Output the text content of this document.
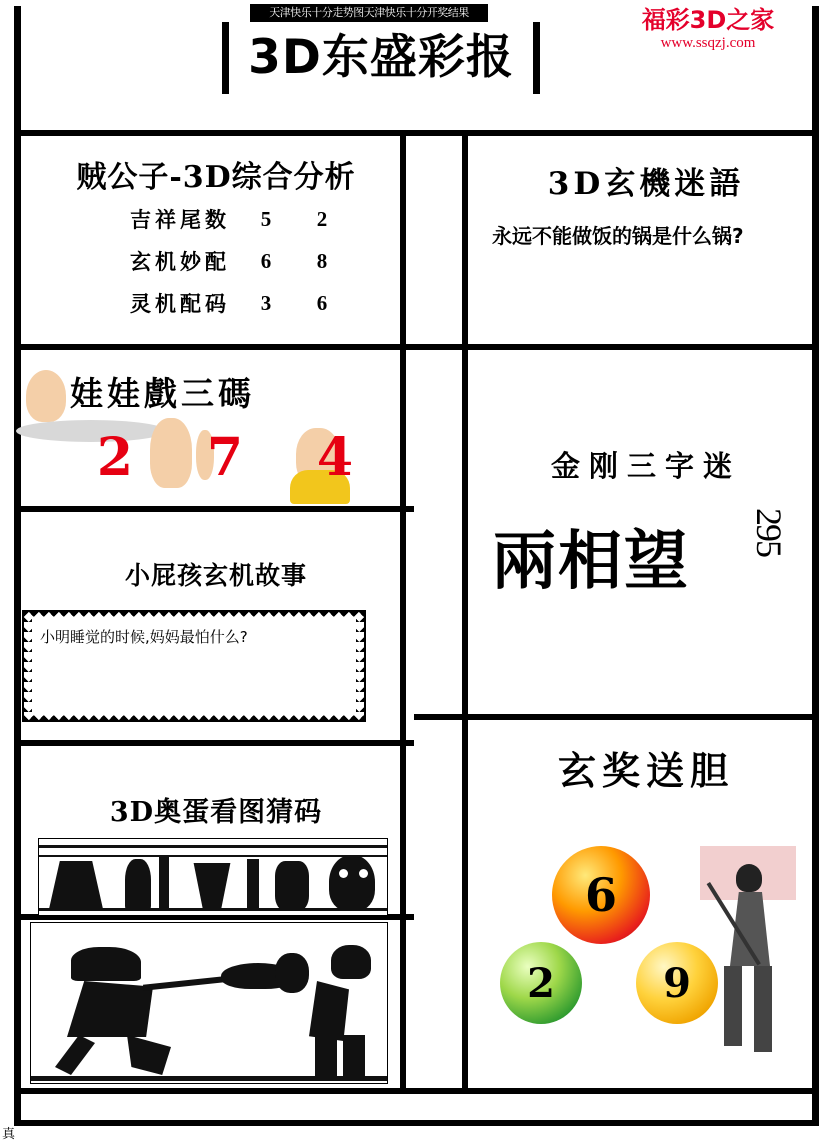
天津快乐十分走势图天津快乐十分开奖结果
3D东盛彩报
福彩3D之家
www.ssqzj.com
贼公子-3D综合分析
吉祥尾数	5	2
玄机妙配	6	8
灵机配码	3	6
娃娃戲三碼
2 7 4
小屁孩玄机故事
小明睡觉的时候,妈妈最怕什么?
3D奥蛋看图猜码
3D玄機迷語
永远不能做饭的锅是什么锅?
金刚三字迷
兩相望 295
玄奖送胆
6
2	9
真
